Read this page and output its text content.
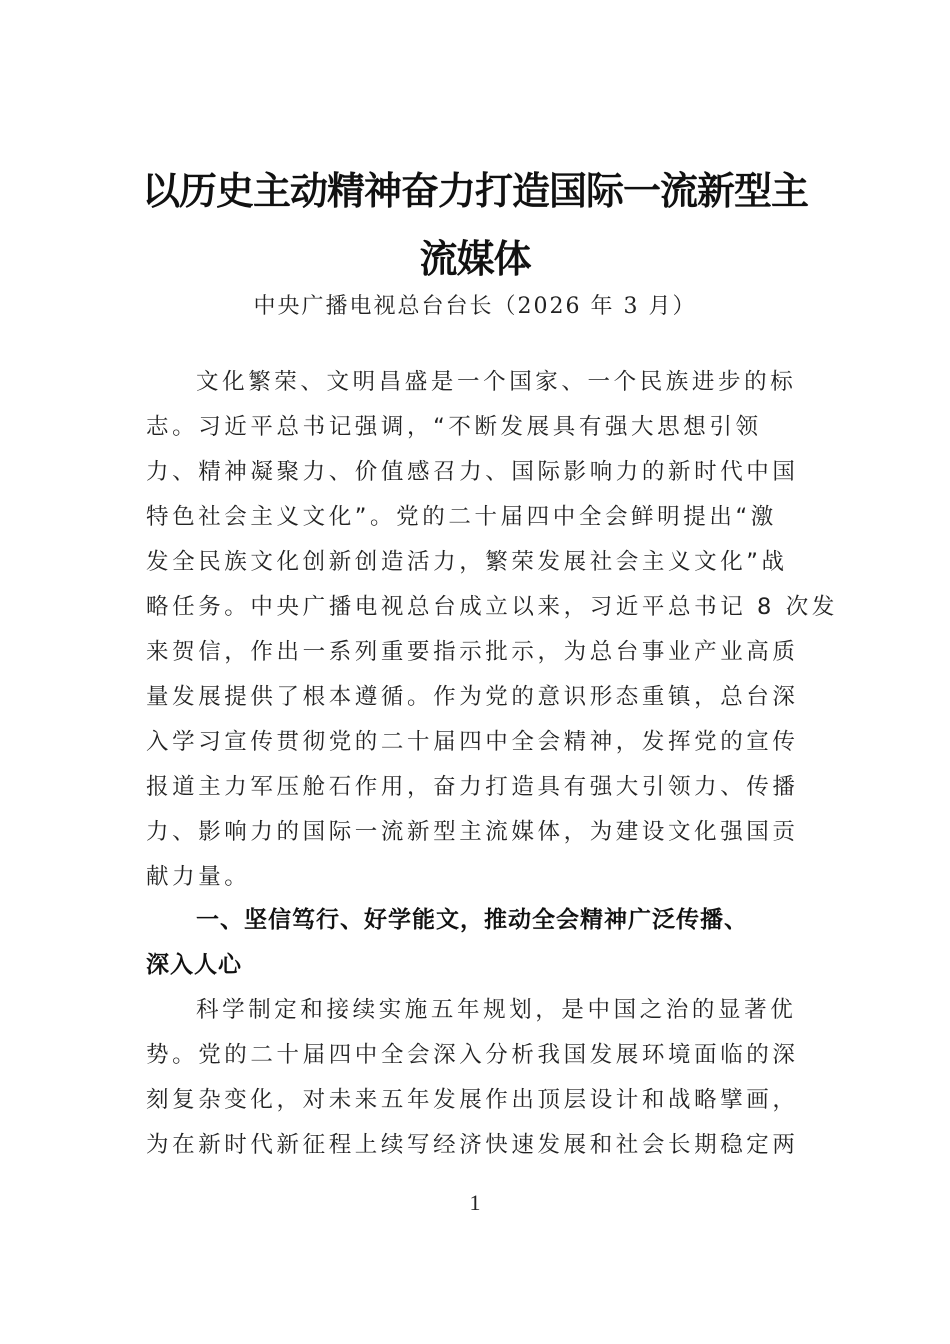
以历史主动精神奋力打造国际一流新型主
流媒体
中央广播电视总台台长（2026 年 3 月）
文化繁荣、文明昌盛是一个国家、一个民族进步的标
志。习近平总书记强调，“不断发展具有强大思想引领
力、精神凝聚力、价值感召力、国际影响力的新时代中国
特色社会主义文化”。党的二十届四中全会鲜明提出“激
发全民族文化创新创造活力，繁荣发展社会主义文化”战
略任务。中央广播电视总台成立以来，习近平总书记 8 次发
来贺信，作出一系列重要指示批示，为总台事业产业高质
量发展提供了根本遵循。作为党的意识形态重镇，总台深
入学习宣传贯彻党的二十届四中全会精神，发挥党的宣传
报道主力军压舱石作用，奋力打造具有强大引领力、传播
力、影响力的国际一流新型主流媒体，为建设文化强国贡
献力量。
一、坚信笃行、好学能文，推动全会精神广泛传播、
深入人心
科学制定和接续实施五年规划，是中国之治的显著优
势。党的二十届四中全会深入分析我国发展环境面临的深
刻复杂变化，对未来五年发展作出顶层设计和战略擘画，
为在新时代新征程上续写经济快速发展和社会长期稳定两
1
